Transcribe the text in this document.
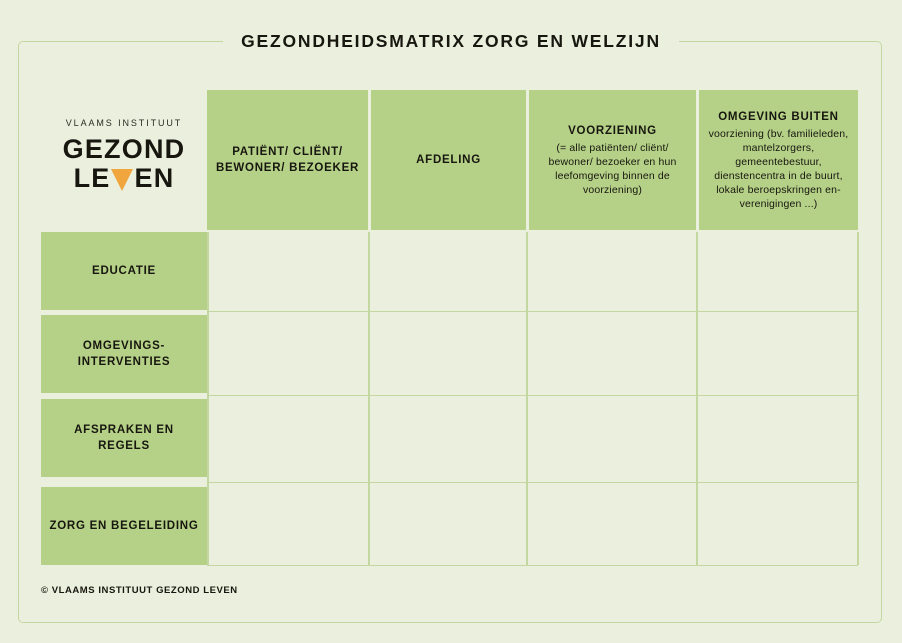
GEZONDHEIDSMATRIX ZORG EN WELZIJN
VLAAMS INSTITUUT
GEZOND
LE EN
PATIËNT/ CLIËNT/ BEWONER/ BEZOEKER
AFDELING
VOORZIENING
(= alle patiënten/ cliënt/ bewoner/ bezoeker en hun leefomgeving binnen de voorziening)
OMGEVING BUITEN
voorziening (bv. familieleden, mantelzorgers, gemeentebestuur, dienstencentra in de buurt, lokale beroepskringen en-verenigingen ...)
EDUCATIE
OMGEVINGS-INTERVENTIES
AFSPRAKEN EN REGELS
ZORG EN BEGELEIDING
© VLAAMS INSTITUUT GEZOND LEVEN
